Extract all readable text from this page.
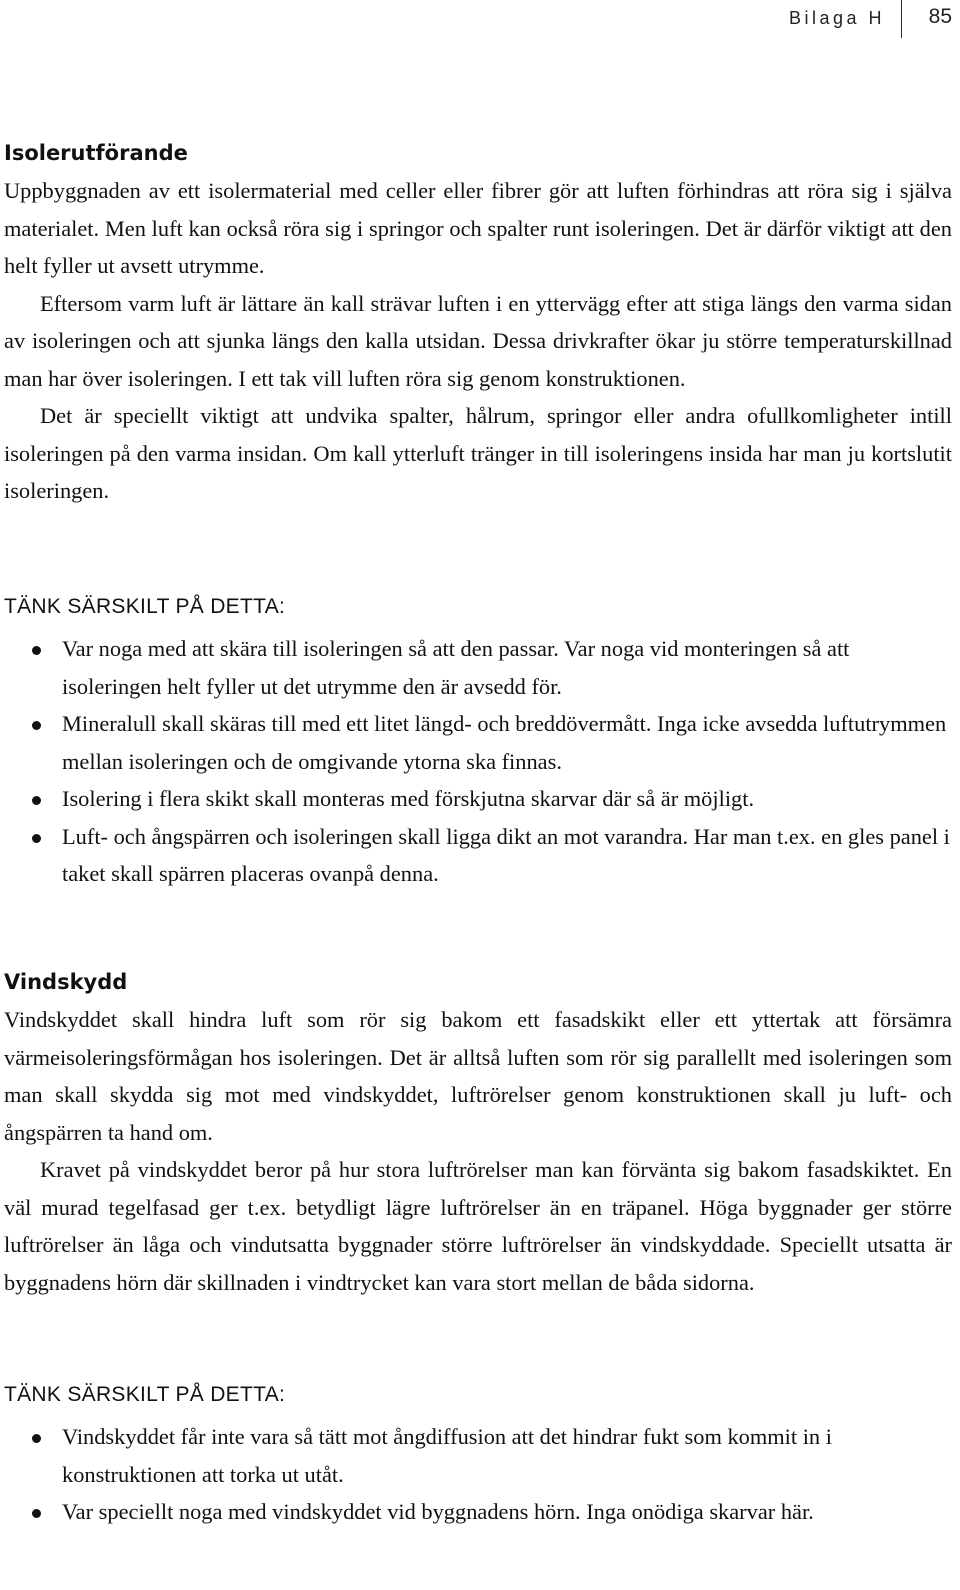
Bilaga H 85

Isolerutförande

Uppbyggnaden av ett isolermaterial med celler eller fibrer gör att luften förhindras att röra sig i själva materialet. Men luft kan också röra sig i springor och spalter runt isoleringen. Det är därför viktigt att den helt fyller ut avsett utrymme.

Eftersom varm luft är lättare än kall strävar luften i en yttervägg efter att stiga längs den varma sidan av isoleringen och att sjunka längs den kalla utsidan. Dessa drivkrafter ökar ju större temperaturskillnad man har över isoleringen. I ett tak vill luften röra sig genom konstruktionen.

Det är speciellt viktigt att undvika spalter, hålrum, springor eller andra ofullkomligheter intill isoleringen på den varma insidan. Om kall ytterluft tränger in till isoleringens insida har man ju kortslutit isoleringen.

TÄNK SÄRSKILT PÅ DETTA:

Var noga med att skära till isoleringen så att den passar. Var noga vid monteringen så att isoleringen helt fyller ut det utrymme den är avsedd för.
Mineralull skall skäras till med ett litet längd- och breddövermått. Inga icke avsedda luftutrymmen mellan isoleringen och de omgivande ytorna ska finnas.
Isolering i flera skikt skall monteras med förskjutna skarvar där så är möjligt.
Luft- och ångspärren och isoleringen skall ligga dikt an mot varandra. Har man t.ex. en gles panel i taket skall spärren placeras ovanpå denna.

Vindskydd

Vindskyddet skall hindra luft som rör sig bakom ett fasadskikt eller ett yttertak att försämra värmeisoleringsförmågan hos isoleringen. Det är alltså luften som rör sig parallellt med isoleringen som man skall skydda sig mot med vindskyddet, luftrörelser genom konstruktionen skall ju luft- och ångspärren ta hand om.

Kravet på vindskyddet beror på hur stora luftrörelser man kan förvänta sig bakom fasadskiktet. En väl murad tegelfasad ger t.ex. betydligt lägre luftrörelser än en träpanel. Höga byggnader ger större luftrörelser än låga och vindutsatta byggnader större luftrörelser än vindskyddade. Speciellt utsatta är byggnadens hörn där skillnaden i vindtrycket kan vara stort mellan de båda sidorna.

TÄNK SÄRSKILT PÅ DETTA:

Vindskyddet får inte vara så tätt mot ångdiffusion att det hindrar fukt som kommit in i konstruktionen att torka ut utåt.
Var speciellt noga med vindskyddet vid byggnadens hörn. Inga onödiga skarvar här.
